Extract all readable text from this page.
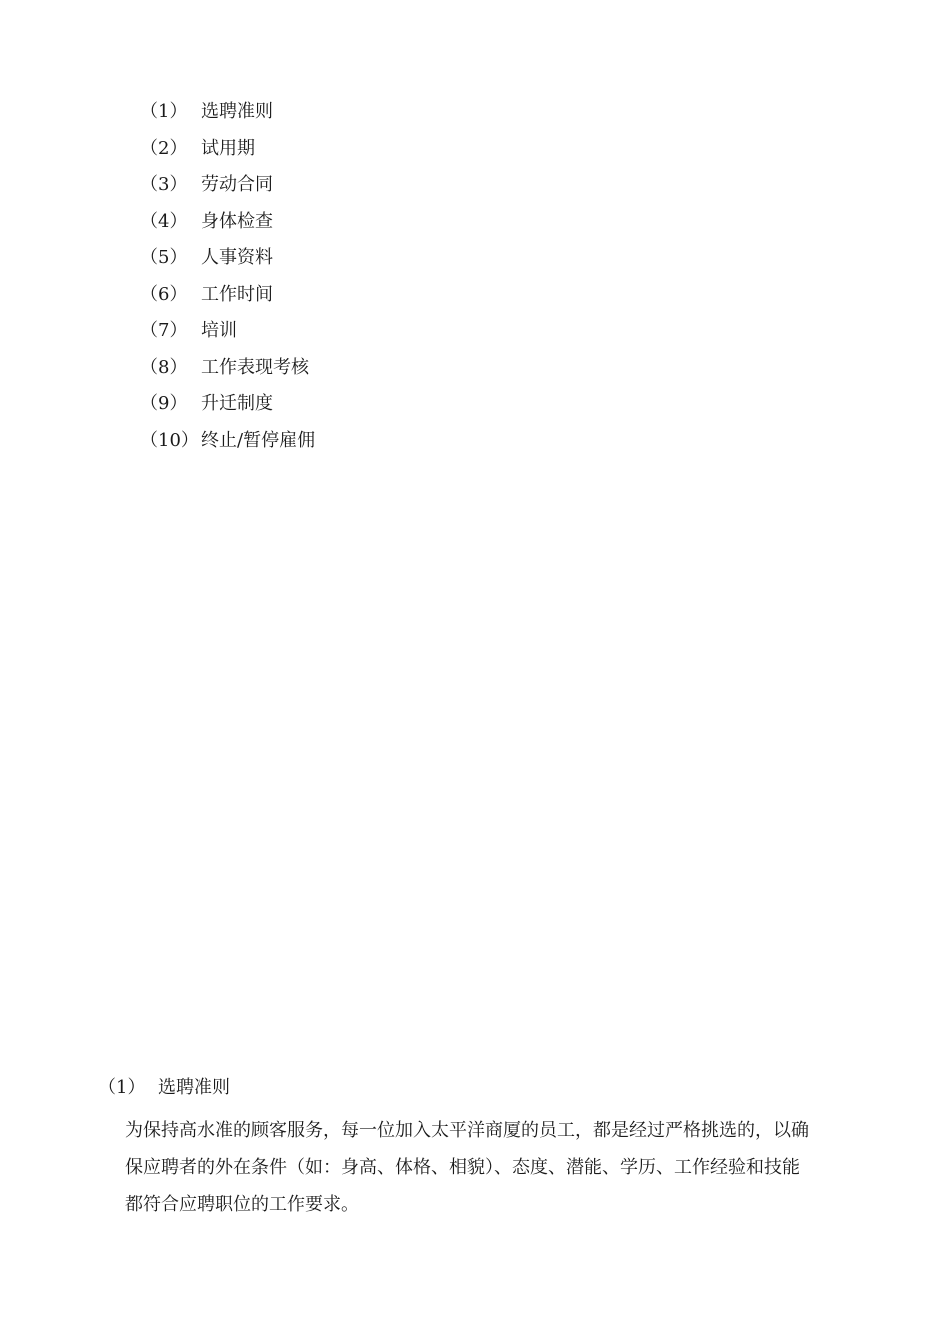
（1） 选聘准则
（2） 试用期
（3） 劳动合同
（4） 身体检查
（5） 人事资料
（6） 工作时间
（7） 培训
（8） 工作表现考核
（9） 升迁制度
（10） 终止/暂停雇佣
（1） 选聘准则

为保持高水准的顾客服务，每一位加入太平洋商厦的员工，都是经过严格挑选的，以确保应聘者的外在条件（如：身高、体格、相貌）、态度、潜能、学历、工作经验和技能都符合应聘职位的工作要求。
